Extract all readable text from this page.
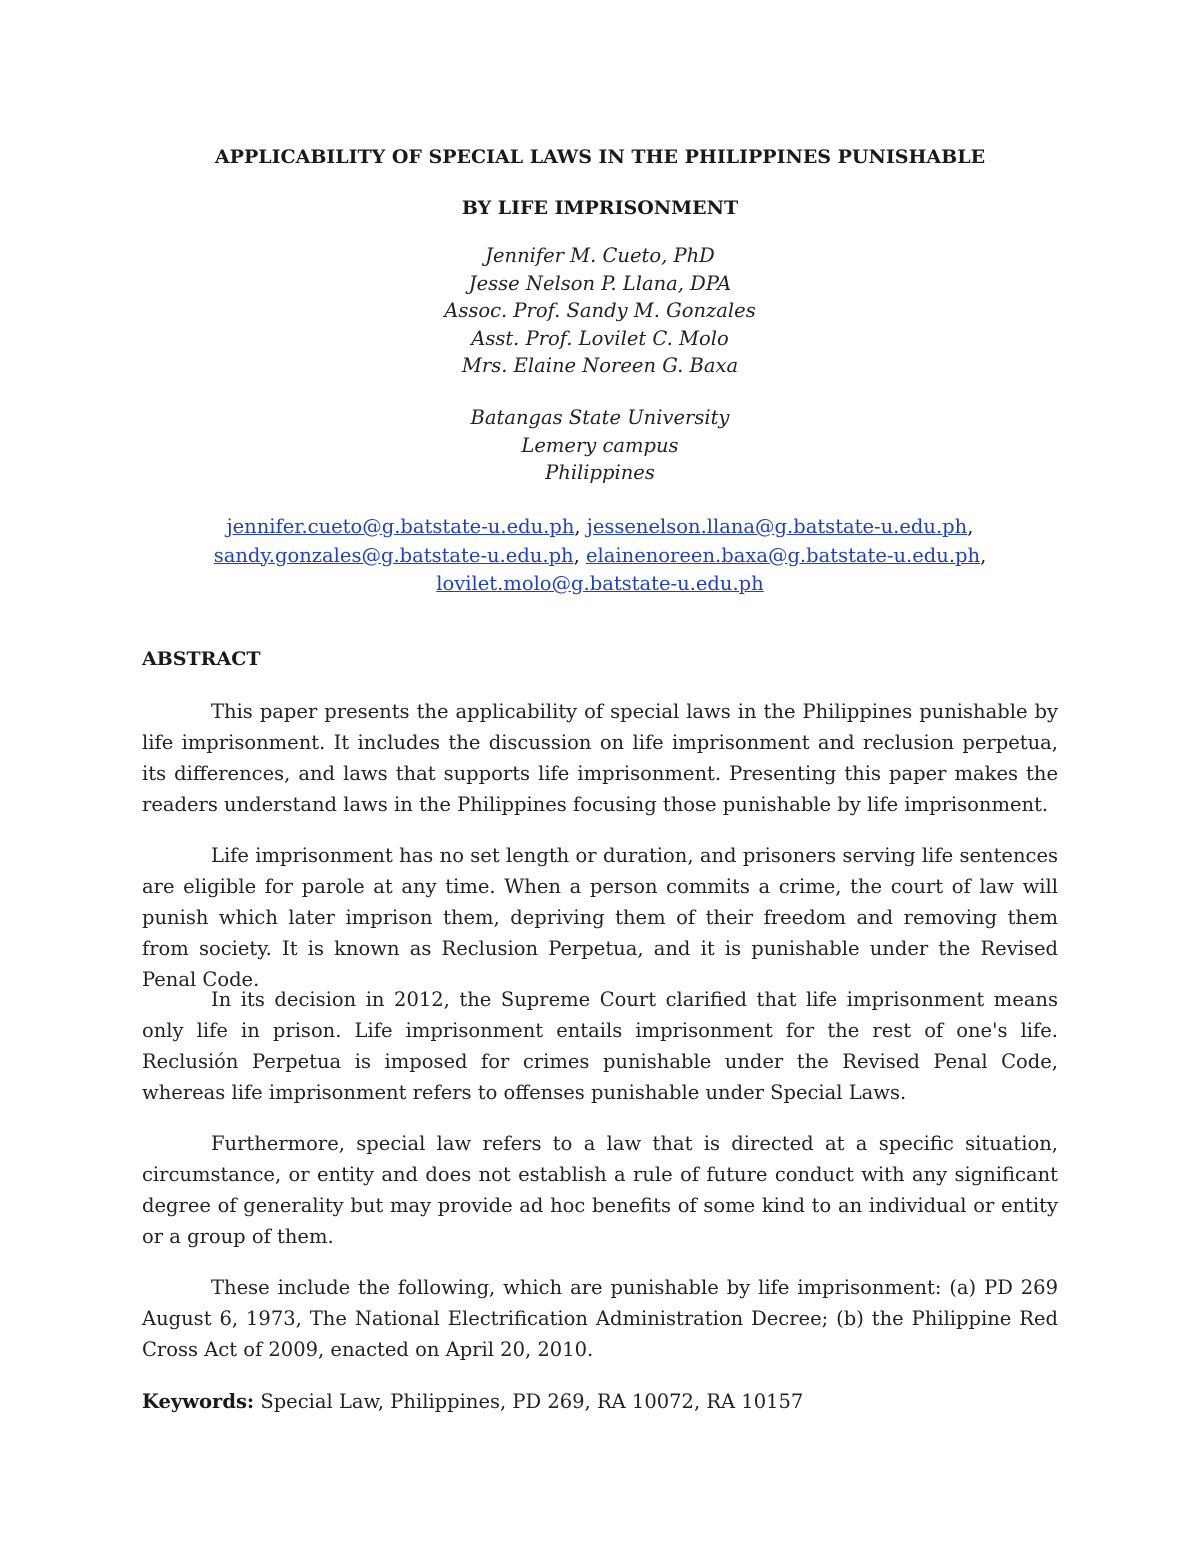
APPLICABILITY OF SPECIAL LAWS IN THE PHILIPPINES PUNISHABLE
BY LIFE IMPRISONMENT
Jennifer M. Cueto, PhD
Jesse Nelson P. Llana, DPA
Assoc. Prof. Sandy M. Gonzales
Asst. Prof. Lovilet C. Molo
Mrs. Elaine Noreen G. Baxa
Batangas State University
Lemery campus
Philippines
jennifer.cueto@g.batstate-u.edu.ph, jessenelson.llana@g.batstate-u.edu.ph,
sandy.gonzales@g.batstate-u.edu.ph, elainenoreen.baxa@g.batstate-u.edu.ph,
lovilet.molo@g.batstate-u.edu.ph
ABSTRACT

This paper presents the applicability of special laws in the Philippines punishable by life imprisonment. It includes the discussion on life imprisonment and reclusion perpetua, its differences, and laws that supports life imprisonment. Presenting this paper makes the readers understand laws in the Philippines focusing those punishable by life imprisonment.

Life imprisonment has no set length or duration, and prisoners serving life sentences are eligible for parole at any time. When a person commits a crime, the court of law will punish which later imprison them, depriving them of their freedom and removing them from society. It is known as Reclusion Perpetua, and it is punishable under the Revised Penal Code.

In its decision in 2012, the Supreme Court clarified that life imprisonment means only life in prison. Life imprisonment entails imprisonment for the rest of one's life. Reclusión Perpetua is imposed for crimes punishable under the Revised Penal Code, whereas life imprisonment refers to offenses punishable under Special Laws.

Furthermore, special law refers to a law that is directed at a specific situation, circumstance, or entity and does not establish a rule of future conduct with any significant degree of generality but may provide ad hoc benefits of some kind to an individual or entity or a group of them.

These include the following, which are punishable by life imprisonment: (a) PD 269 August 6, 1973, The National Electrification Administration Decree; (b) the Philippine Red Cross Act of 2009, enacted on April 20, 2010.

Keywords: Special Law, Philippines, PD 269, RA 10072, RA 10157
